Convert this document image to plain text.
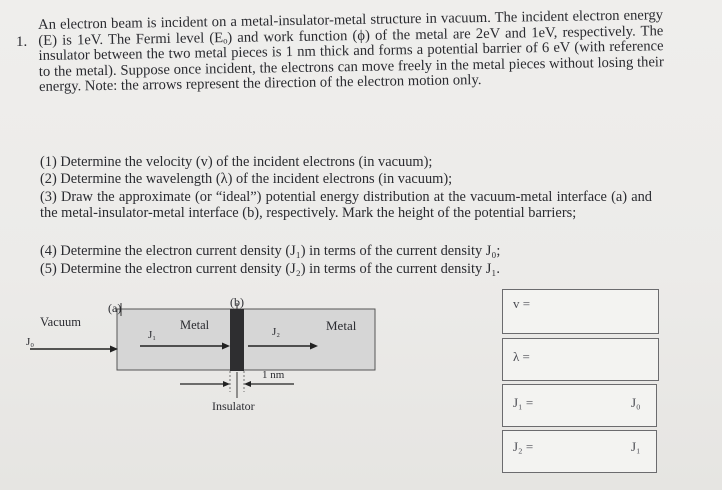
1.
An electron beam is incident on a metal-insulator-metal structure in vacuum. The incident electron energy (E) is 1eV. The Fermi level (Eₒ) and work function (ϕ) of the metal are 2eV and 1eV, respectively. The insulator between the two metal pieces is 1 nm thick and forms a potential barrier of 6 eV (with reference to the metal). Suppose once incident, the electrons can move freely in the metal pieces without losing their energy. Note: the arrows represent the direction of the electron motion only.
(1) Determine the velocity (v) of the incident electrons (in vacuum);
(2) Determine the wavelength (λ) of the incident electrons (in vacuum);
(3) Draw the approximate (or “ideal”) potential energy distribution at the vacuum-metal interface (a) and the metal-insulator-metal interface (b), respectively. Mark the height of the potential barriers;
(4) Determine the electron current density (J₁) in terms of the current density J₀;
(5) Determine the electron current density (J₂) in terms of the current density J₁.
(a)	(b)
Vacuum
J₀
J₁
Metal	J₂	Metal
1 nm
Insulator
v =
λ =
J₁ =	J₀
J₂ =	J₁
